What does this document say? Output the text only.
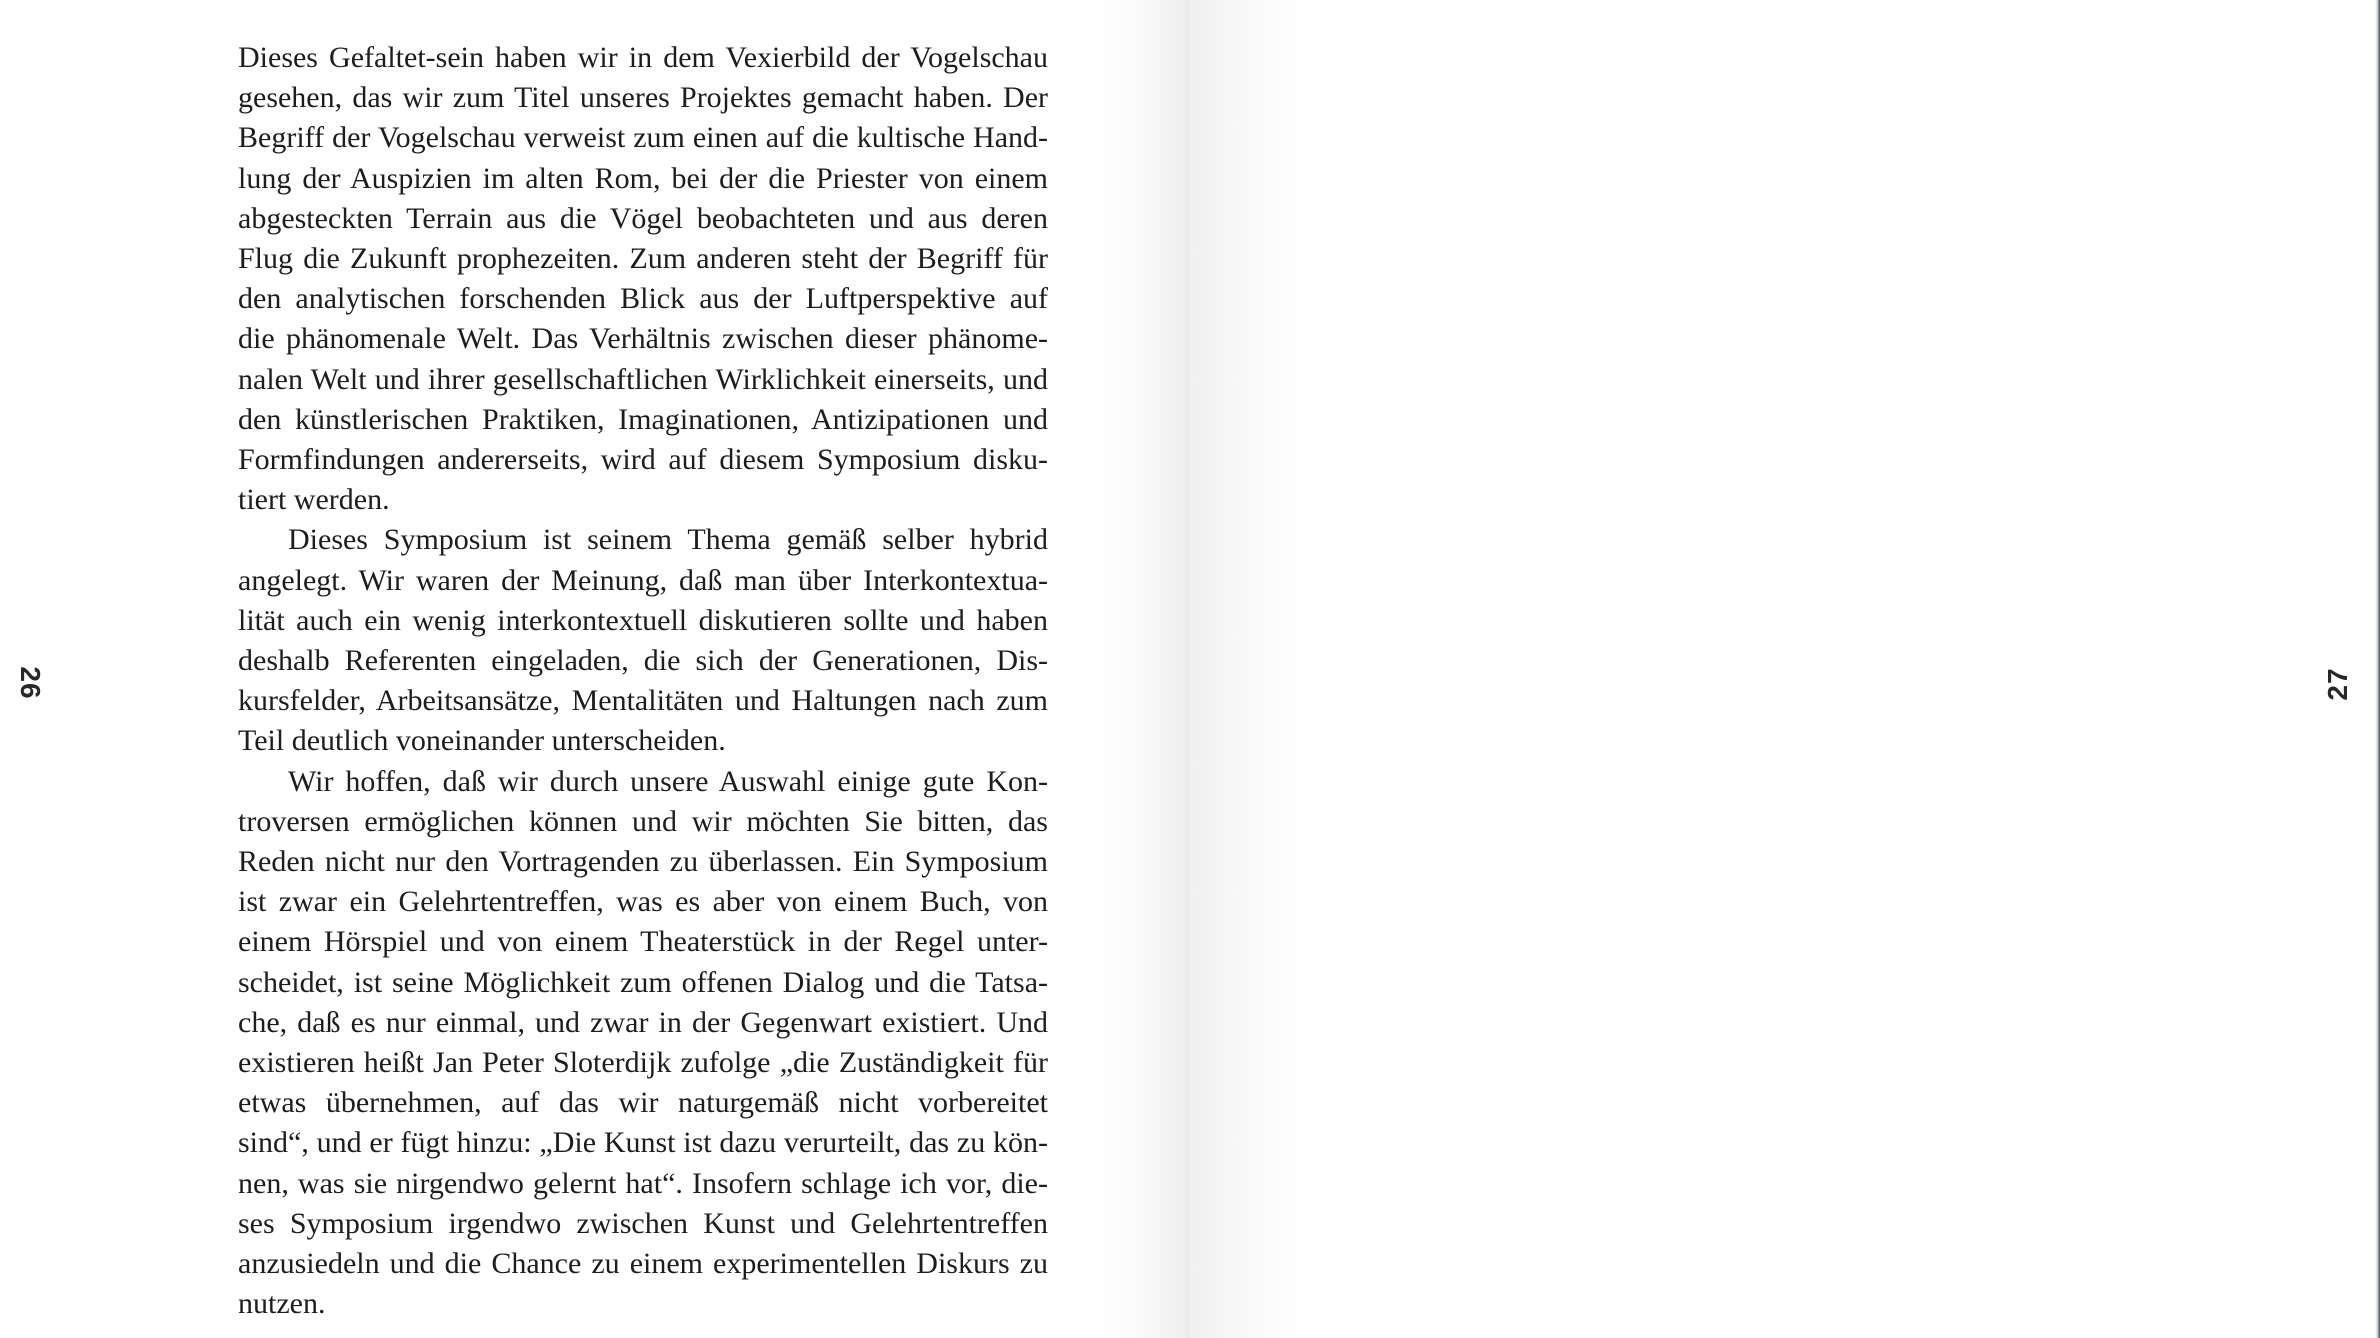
Dieses Gefaltet-sein haben wir in dem Vexierbild der Vogelschau
gesehen, das wir zum Titel unseres Projektes gemacht haben. Der
Begriff der Vogelschau verweist zum einen auf die kultische Hand-
lung der Auspizien im alten Rom, bei der die Priester von einem
abgesteckten Terrain aus die Vögel beobachteten und aus deren
Flug die Zukunft prophezeiten. Zum anderen steht der Begriff für
den analytischen forschenden Blick aus der Luftperspektive auf
die phänomenale Welt. Das Verhältnis zwischen dieser phänome-
nalen Welt und ihrer gesellschaftlichen Wirklichkeit einerseits, und
den künstlerischen Praktiken, Imaginationen, Antizipationen und
Formfindungen andererseits, wird auf diesem Symposium disku-
tiert werden.
Dieses Symposium ist seinem Thema gemäß selber hybrid
angelegt. Wir waren der Meinung, daß man über Interkontextua-
lität auch ein wenig interkontextuell diskutieren sollte und haben
deshalb Referenten eingeladen, die sich der Generationen, Dis-
kursfelder, Arbeitsansätze, Mentalitäten und Haltungen nach zum
Teil deutlich voneinander unterscheiden.
Wir hoffen, daß wir durch unsere Auswahl einige gute Kon-
troversen ermöglichen können und wir möchten Sie bitten, das
Reden nicht nur den Vortragenden zu überlassen. Ein Symposium
ist zwar ein Gelehrtentreffen, was es aber von einem Buch, von
einem Hörspiel und von einem Theaterstück in der Regel unter-
scheidet, ist seine Möglichkeit zum offenen Dialog und die Tatsa-
che, daß es nur einmal, und zwar in der Gegenwart existiert. Und
existieren heißt Jan Peter Sloterdijk zufolge „die Zuständigkeit für
etwas übernehmen, auf das wir naturgemäß nicht vorbereitet
sind“, und er fügt hinzu: „Die Kunst ist dazu verurteilt, das zu kön-
nen, was sie nirgendwo gelernt hat“. Insofern schlage ich vor, die-
ses Symposium irgendwo zwischen Kunst und Gelehrtentreffen
anzusiedeln und die Chance zu einem experimentellen Diskurs zu
nutzen.
26	27
